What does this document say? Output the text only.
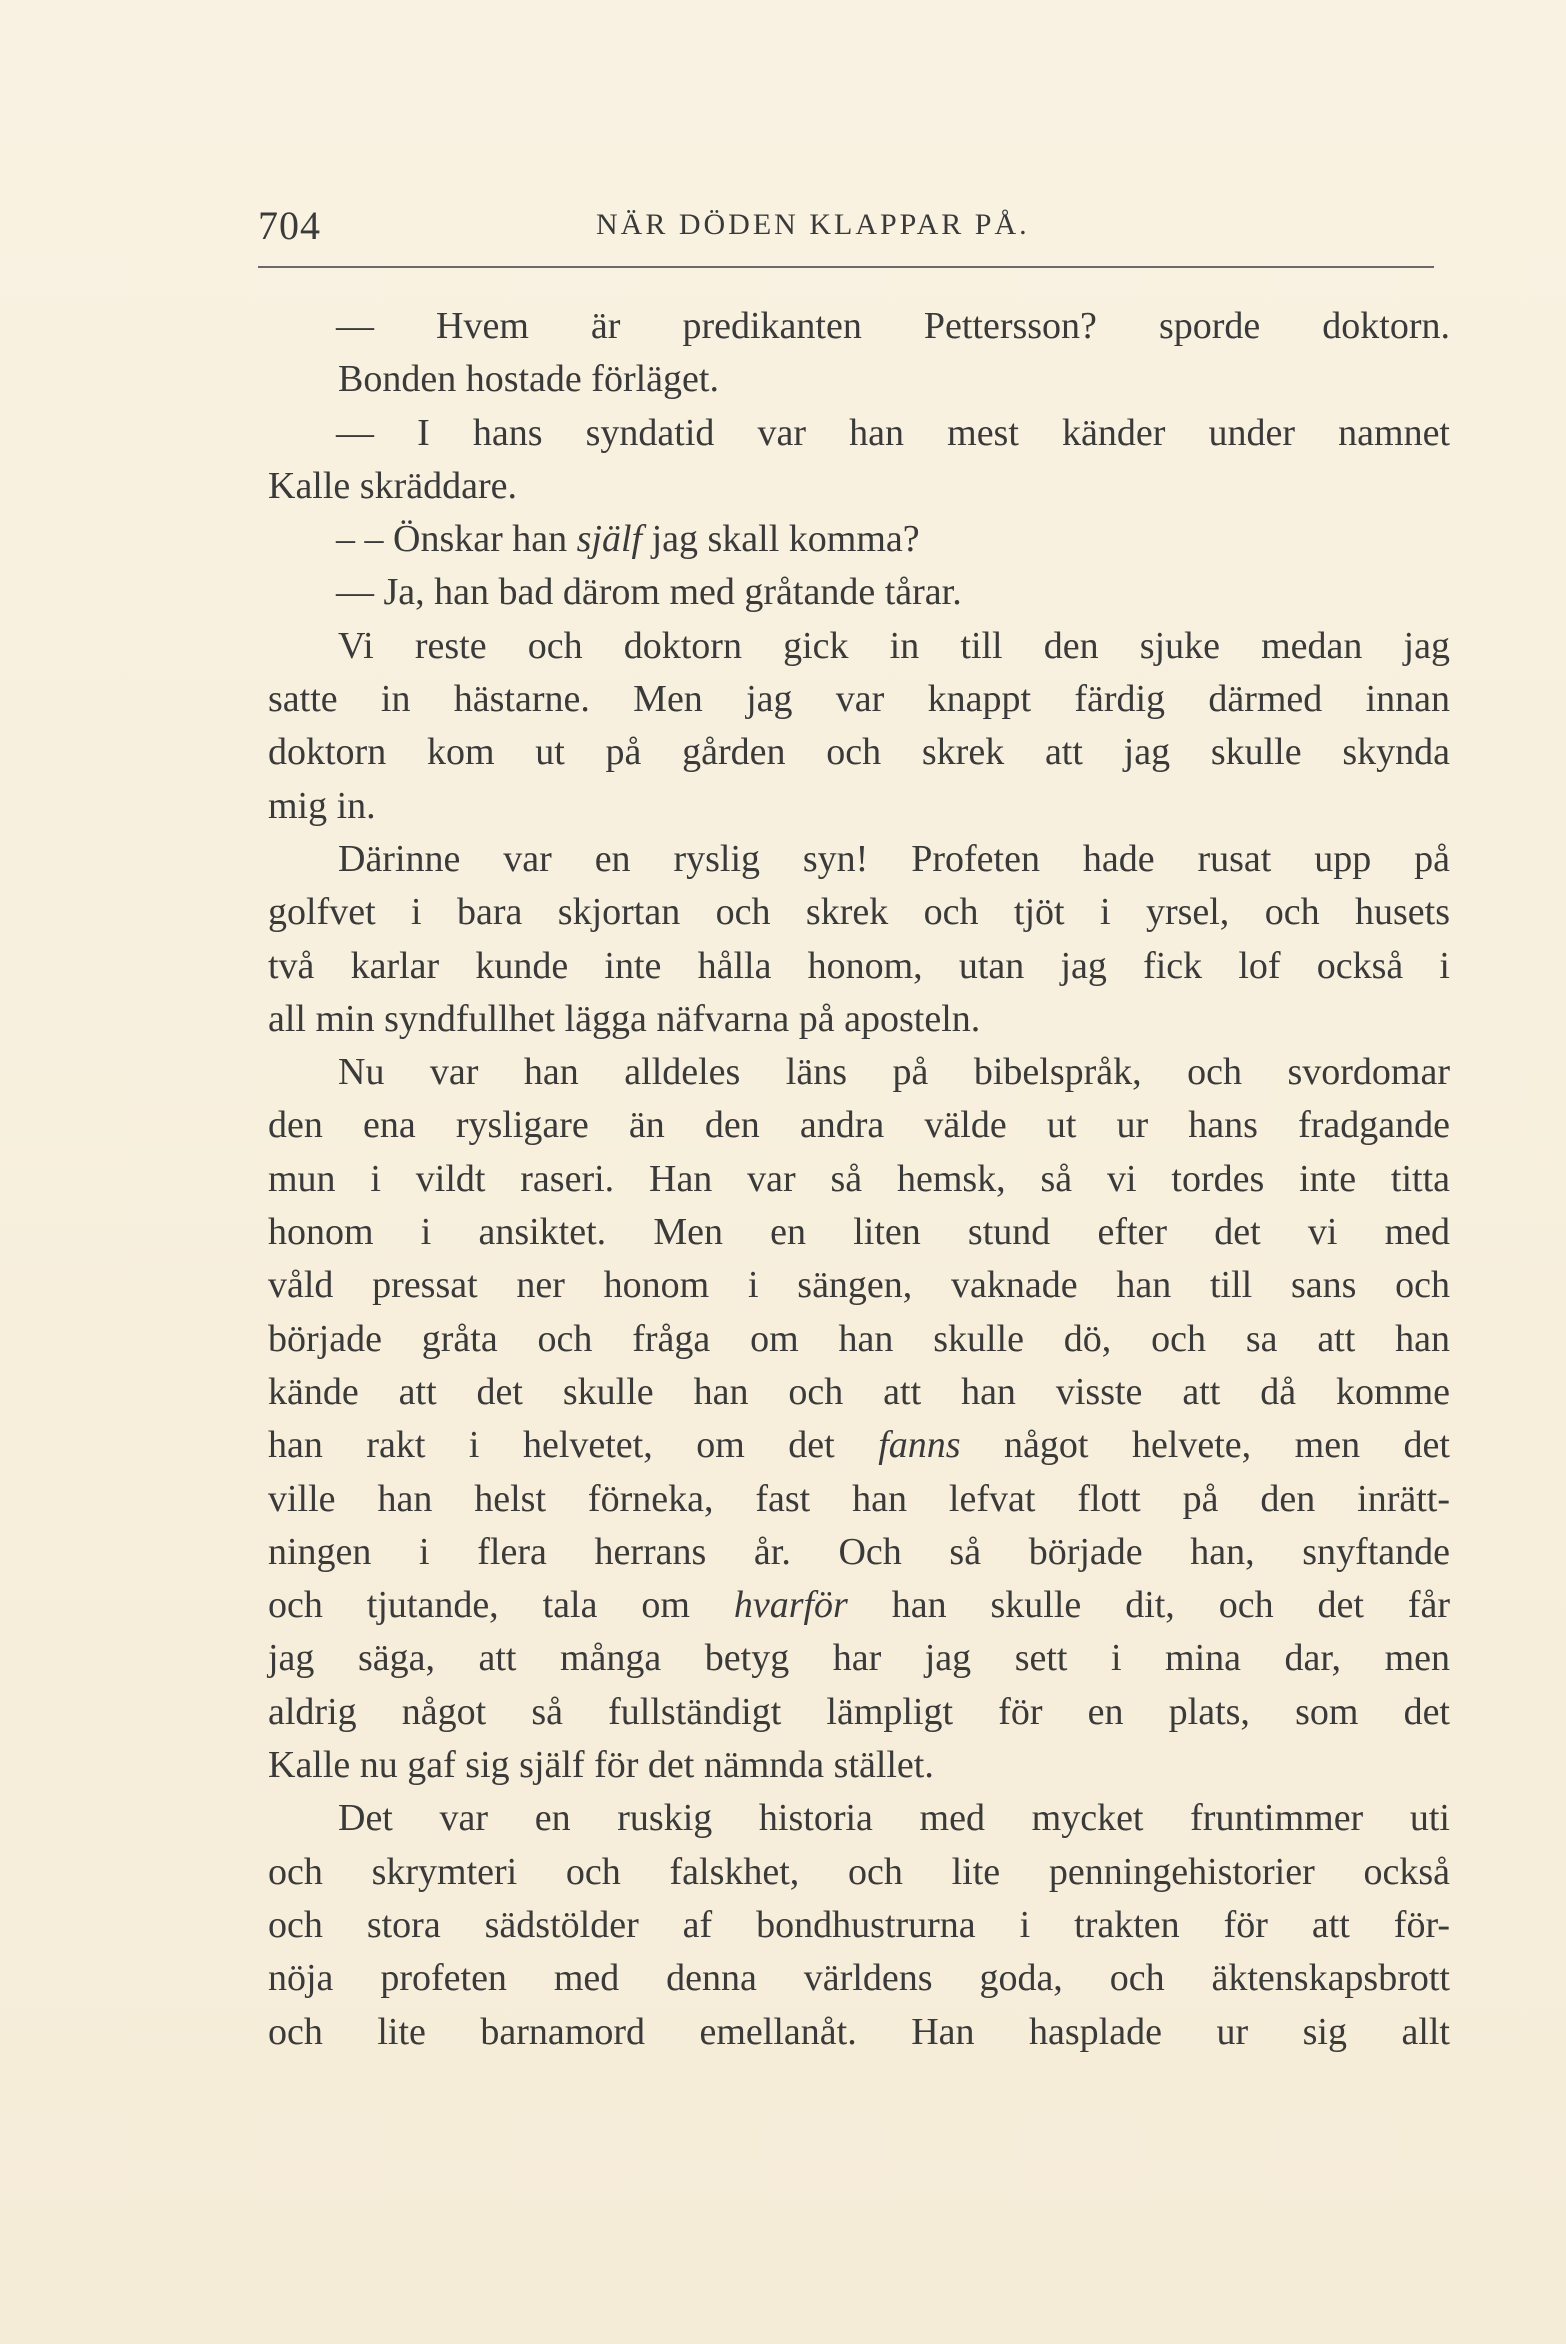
704	NÄR DÖDEN KLAPPAR PÅ.
— Hvem är predikanten Pettersson? sporde doktorn.
Bonden hostade förläget.
— I hans syndatid var han mest känder under namnet
Kalle skräddare.
– – Önskar han själf jag skall komma?
— Ja, han bad därom med gråtande tårar.
Vi reste och doktorn gick in till den sjuke medan jag
satte in hästarne. Men jag var knappt färdig därmed innan
doktorn kom ut på gården och skrek att jag skulle skynda
mig in.
Därinne var en ryslig syn! Profeten hade rusat upp på
golfvet i bara skjortan och skrek och tjöt i yrsel, och husets
två karlar kunde inte hålla honom, utan jag fick lof också i
all min syndfullhet lägga näfvarna på aposteln.
Nu var han alldeles läns på bibelspråk, och svordomar
den ena rysligare än den andra välde ut ur hans fradgande
mun i vildt raseri. Han var så hemsk, så vi tordes inte titta
honom i ansiktet. Men en liten stund efter det vi med
våld pressat ner honom i sängen, vaknade han till sans och
började gråta och fråga om han skulle dö, och sa att han
kände att det skulle han och att han visste att då komme
han rakt i helvetet, om det fanns något helvete, men det
ville han helst förneka, fast han lefvat flott på den inrätt-
ningen i flera herrans år. Och så började han, snyftande
och tjutande, tala om hvarför han skulle dit, och det får
jag säga, att många betyg har jag sett i mina dar, men
aldrig något så fullständigt lämpligt för en plats, som det
Kalle nu gaf sig själf för det nämnda stället.
Det var en ruskig historia med mycket fruntimmer uti
och skrymteri och falskhet, och lite penningehistorier också
och stora sädstölder af bondhustrurna i trakten för att för-
nöja profeten med denna världens goda, och äktenskapsbrott
och lite barnamord emellanåt. Han hasplade ur sig allt
